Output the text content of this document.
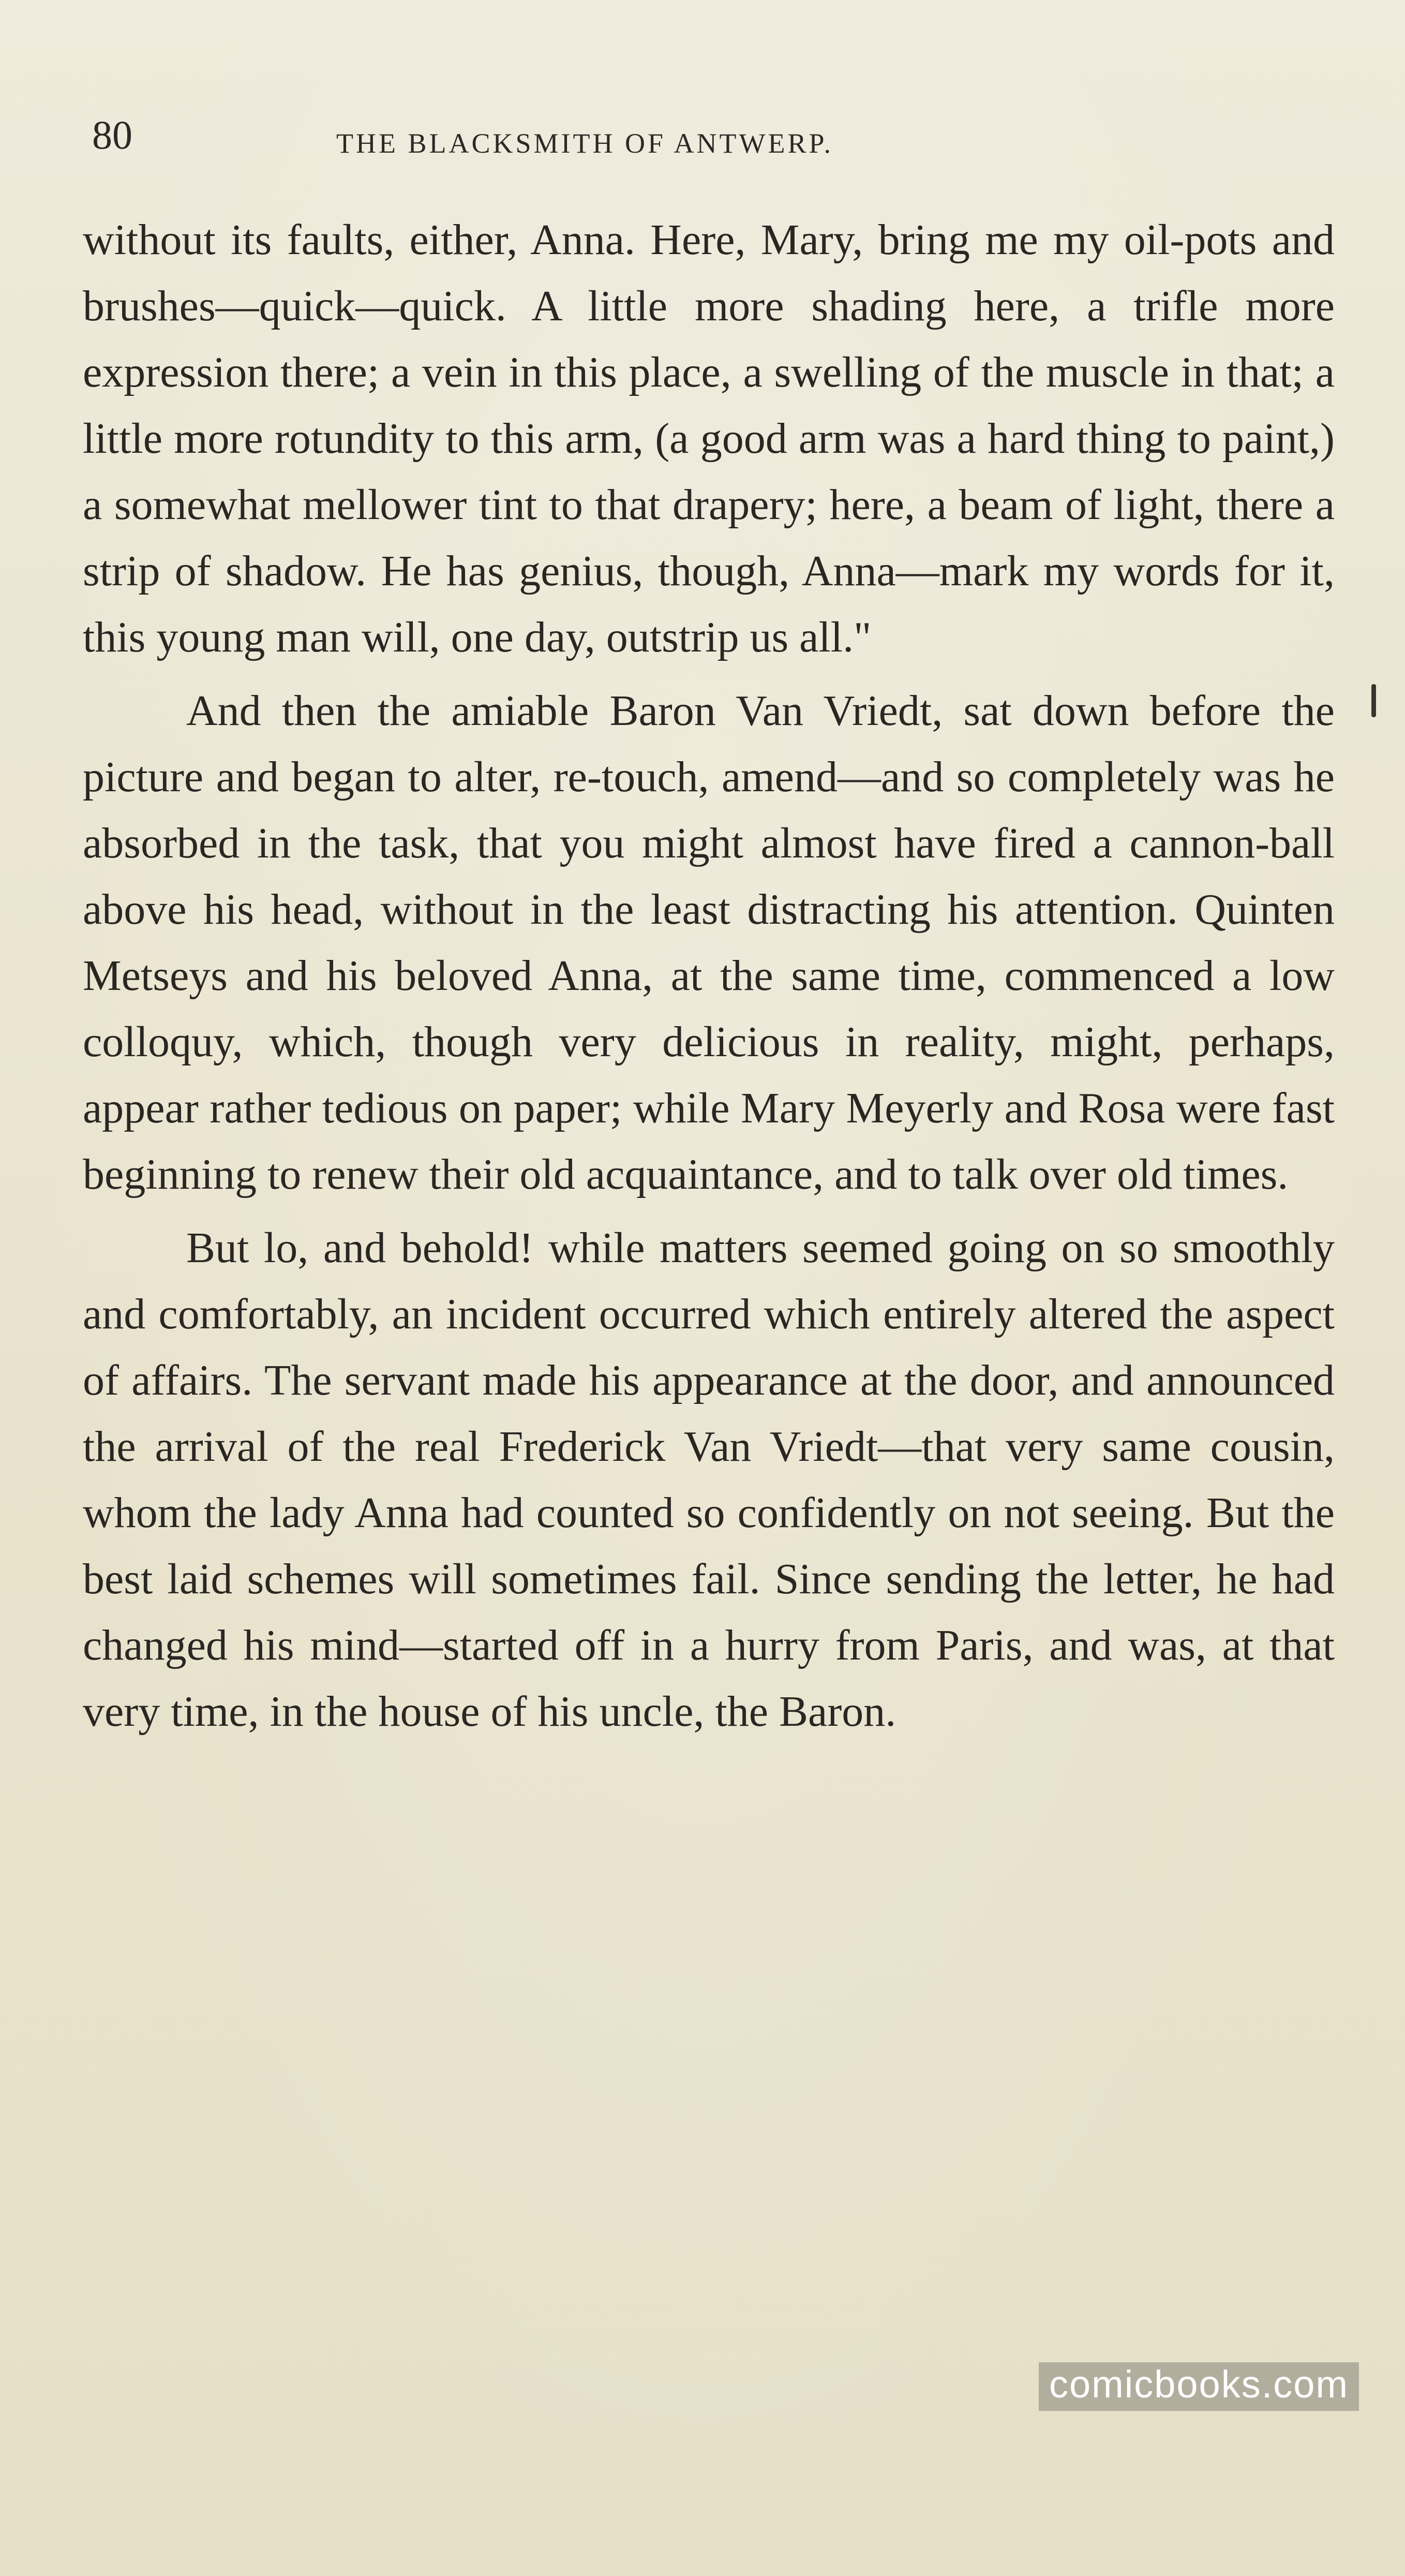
80	THE BLACKSMITH OF ANTWERP.

without its faults, either, Anna. Here, Mary, bring me my oil-pots and brushes—quick—quick. A little more shading here, a trifle more expression there; a vein in this place, a swelling of the muscle in that; a little more rotundity to this arm, (a good arm was a hard thing to paint,) a somewhat mellower tint to that drapery; here, a beam of light, there a strip of shadow. He has genius, though, Anna—mark my words for it, this young man will, one day, outstrip us all."

And then the amiable Baron Van Vriedt, sat down before the picture and began to alter, re-touch, amend—and so completely was he absorbed in the task, that you might almost have fired a cannon-ball above his head, without in the least distracting his attention. Quinten Metseys and his beloved Anna, at the same time, commenced a low colloquy, which, though very delicious in reality, might, perhaps, appear rather tedious on paper; while Mary Meyerly and Rosa were fast beginning to renew their old acquaintance, and to talk over old times.

But lo, and behold! while matters seemed going on so smoothly and comfortably, an incident occurred which entirely altered the aspect of affairs. The servant made his appearance at the door, and announced the arrival of the real Frederick Van Vriedt—that very same cousin, whom the lady Anna had counted so confidently on not seeing. But the best laid schemes will sometimes fail. Since sending the letter, he had changed his mind—started off in a hurry from Paris, and was, at that very time, in the house of his uncle, the Baron.

comicbooks.com
